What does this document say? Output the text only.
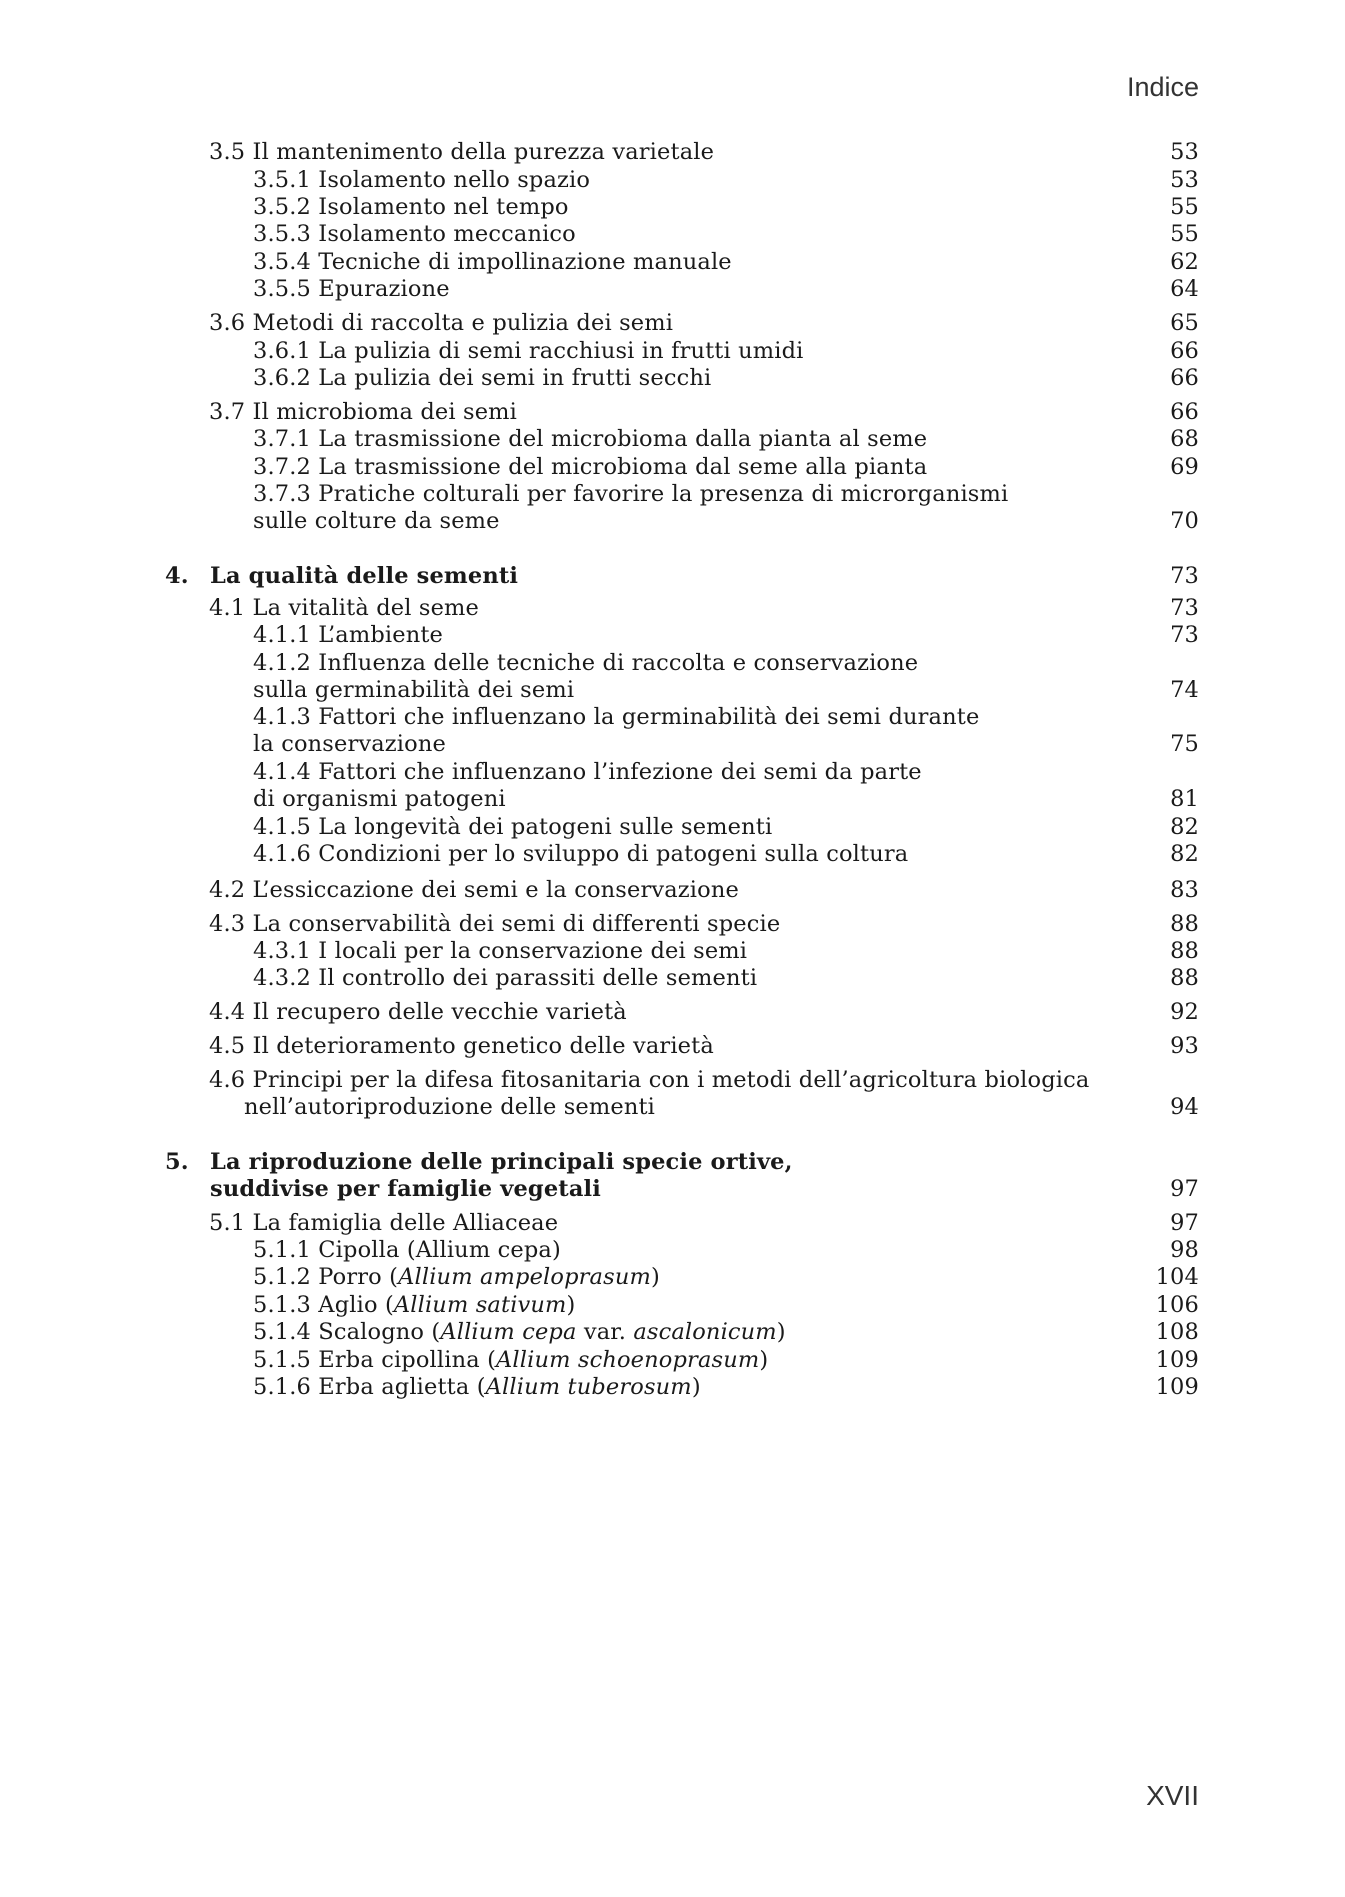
Indice
3.5 Il mantenimento della purezza varietale	53
3.5.1 Isolamento nello spazio	53
3.5.2 Isolamento nel tempo	55
3.5.3 Isolamento meccanico	55
3.5.4 Tecniche di impollinazione manuale	62
3.5.5 Epurazione	64
3.6 Metodi di raccolta e pulizia dei semi	65
3.6.1 La pulizia di semi racchiusi in frutti umidi	66
3.6.2 La pulizia dei semi in frutti secchi	66
3.7 Il microbioma dei semi	66
3.7.1 La trasmissione del microbioma dalla pianta al seme	68
3.7.2 La trasmissione del microbioma dal seme alla pianta	69
3.7.3 Pratiche colturali per favorire la presenza di microrganismi
sulle colture da seme	70
4. La qualità delle sementi	73
4.1 La vitalità del seme	73
4.1.1 L’ambiente	73
4.1.2 Influenza delle tecniche di raccolta e conservazione
sulla germinabilità dei semi	74
4.1.3 Fattori che influenzano la germinabilità dei semi durante
la conservazione	75
4.1.4 Fattori che influenzano l’infezione dei semi da parte
di organismi patogeni	81
4.1.5 La longevità dei patogeni sulle sementi	82
4.1.6 Condizioni per lo sviluppo di patogeni sulla coltura	82
4.2 L’essiccazione dei semi e la conservazione	83
4.3 La conservabilità dei semi di differenti specie	88
4.3.1 I locali per la conservazione dei semi	88
4.3.2 Il controllo dei parassiti delle sementi	88
4.4 Il recupero delle vecchie varietà	92
4.5 Il deterioramento genetico delle varietà	93
4.6 Principi per la difesa fitosanitaria con i metodi dell’agricoltura biologica
nell’autoriproduzione delle sementi	94
5. La riproduzione delle principali specie ortive,
suddivise per famiglie vegetali	97
5.1 La famiglia delle Alliaceae	97
5.1.1 Cipolla (Allium cepa)	98
5.1.2 Porro (Allium ampeloprasum)	104
5.1.3 Aglio (Allium sativum)	106
5.1.4 Scalogno (Allium cepa var. ascalonicum)	108
5.1.5 Erba cipollina (Allium schoenoprasum)	109
5.1.6 Erba aglietta (Allium tuberosum)	109
XVII
